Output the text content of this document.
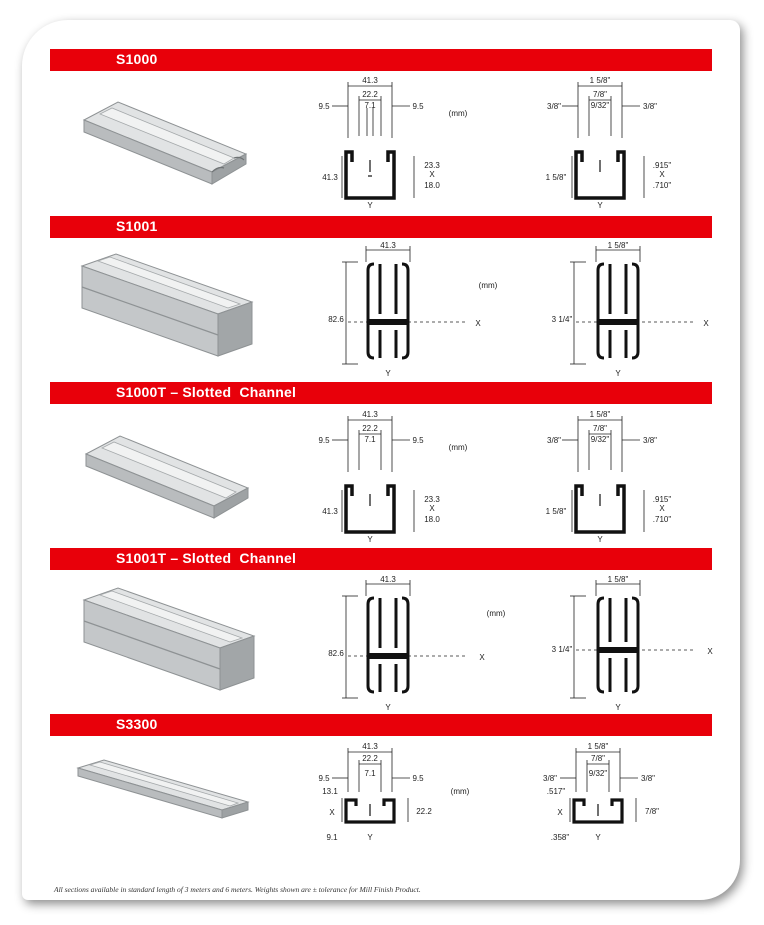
S1000
41.3
22.2
9.5	9.5
7.1
41.3
23.3
X
18.0
(mm)
Y
1 5/8"
7/8"
3/8"	3/8"
9/32"
1 5/8"
.915"
X
.710"
Y
S1001
41.3
82.6	X
(mm)
Y
1 5/8"
3 1/4"	X
Y
S1000T – Slotted  Channel
41.3
22.2
9.5	9.5
7.1
41.3
23.3
X
18.0
(mm)
Y
1 5/8"
7/8"
3/8"	3/8"
9/32"
1 5/8"
.915"
X
.710"
Y
S1001T – Slotted  Channel
41.3
82.6	X
(mm)
Y
1 5/8"
3 1/4"	X
Y
S3300
41.3
22.2
9.5	9.5
7.1
13.1
22.2
X
9.1
(mm)
Y
1 5/8"
7/8"
3/8"	3/8"
9/32"
.517"
7/8"
X
.358"	Y
All sections available in standard length of 3 meters and 6 meters. Weights shown are ± tolerance for Mill Finish Product.
